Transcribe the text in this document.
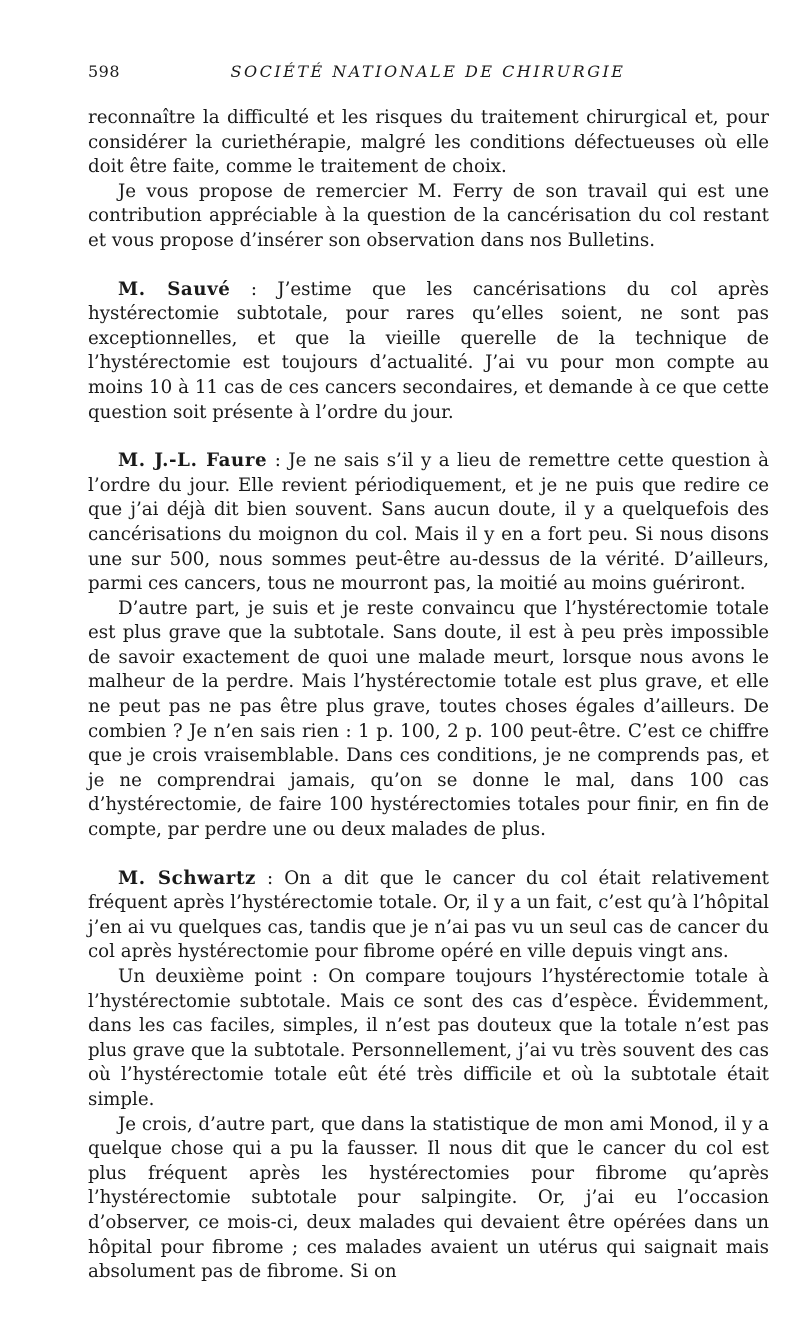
598	SOCIÉTÉ NATIONALE DE CHIRURGIE

reconnaître la difficulté et les risques du traitement chirurgical et, pour considérer la curiethérapie, malgré les conditions défectueuses où elle doit être faite, comme le traitement de choix.

Je vous propose de remercier M. Ferry de son travail qui est une contribution appréciable à la question de la cancérisation du col restant et vous propose d’insérer son observation dans nos Bulletins.

M. Sauvé : J’estime que les cancérisations du col après hystérectomie subtotale, pour rares qu’elles soient, ne sont pas exceptionnelles, et que la vieille querelle de la technique de l’hystérectomie est toujours d’actualité. J’ai vu pour mon compte au moins 10 à 11 cas de ces cancers secondaires, et demande à ce que cette question soit présente à l’ordre du jour.

M. J.-L. Faure : Je ne sais s’il y a lieu de remettre cette question à l’ordre du jour. Elle revient périodiquement, et je ne puis que redire ce que j’ai déjà dit bien souvent. Sans aucun doute, il y a quelquefois des cancérisations du moignon du col. Mais il y en a fort peu. Si nous disons une sur 500, nous sommes peut-être au-dessus de la vérité. D’ailleurs, parmi ces cancers, tous ne mourront pas, la moitié au moins guériront.

D’autre part, je suis et je reste convaincu que l’hystérectomie totale est plus grave que la subtotale. Sans doute, il est à peu près impossible de savoir exactement de quoi une malade meurt, lorsque nous avons le malheur de la perdre. Mais l’hystérectomie totale est plus grave, et elle ne peut pas ne pas être plus grave, toutes choses égales d’ailleurs. De combien ? Je n’en sais rien : 1 p. 100, 2 p. 100 peut-être. C’est ce chiffre que je crois vraisemblable. Dans ces conditions, je ne comprends pas, et je ne comprendrai jamais, qu’on se donne le mal, dans 100 cas d’hystérectomie, de faire 100 hystérectomies totales pour finir, en fin de compte, par perdre une ou deux malades de plus.

M. Schwartz : On a dit que le cancer du col était relativement fréquent après l’hystérectomie totale. Or, il y a un fait, c’est qu’à l’hôpital j’en ai vu quelques cas, tandis que je n’ai pas vu un seul cas de cancer du col après hystérectomie pour fibrome opéré en ville depuis vingt ans.

Un deuxième point : On compare toujours l’hystérectomie totale à l’hystérectomie subtotale. Mais ce sont des cas d’espèce. Évidemment, dans les cas faciles, simples, il n’est pas douteux que la totale n’est pas plus grave que la subtotale. Personnellement, j’ai vu très souvent des cas où l’hystérectomie totale eût été très difficile et où la subtotale était simple.

Je crois, d’autre part, que dans la statistique de mon ami Monod, il y a quelque chose qui a pu la fausser. Il nous dit que le cancer du col est plus fréquent après les hystérectomies pour fibrome qu’après l’hystérectomie subtotale pour salpingite. Or, j’ai eu l’occasion d’observer, ce mois-ci, deux malades qui devaient être opérées dans un hôpital pour fibrome ; ces malades avaient un utérus qui saignait mais absolument pas de fibrome. Si on
